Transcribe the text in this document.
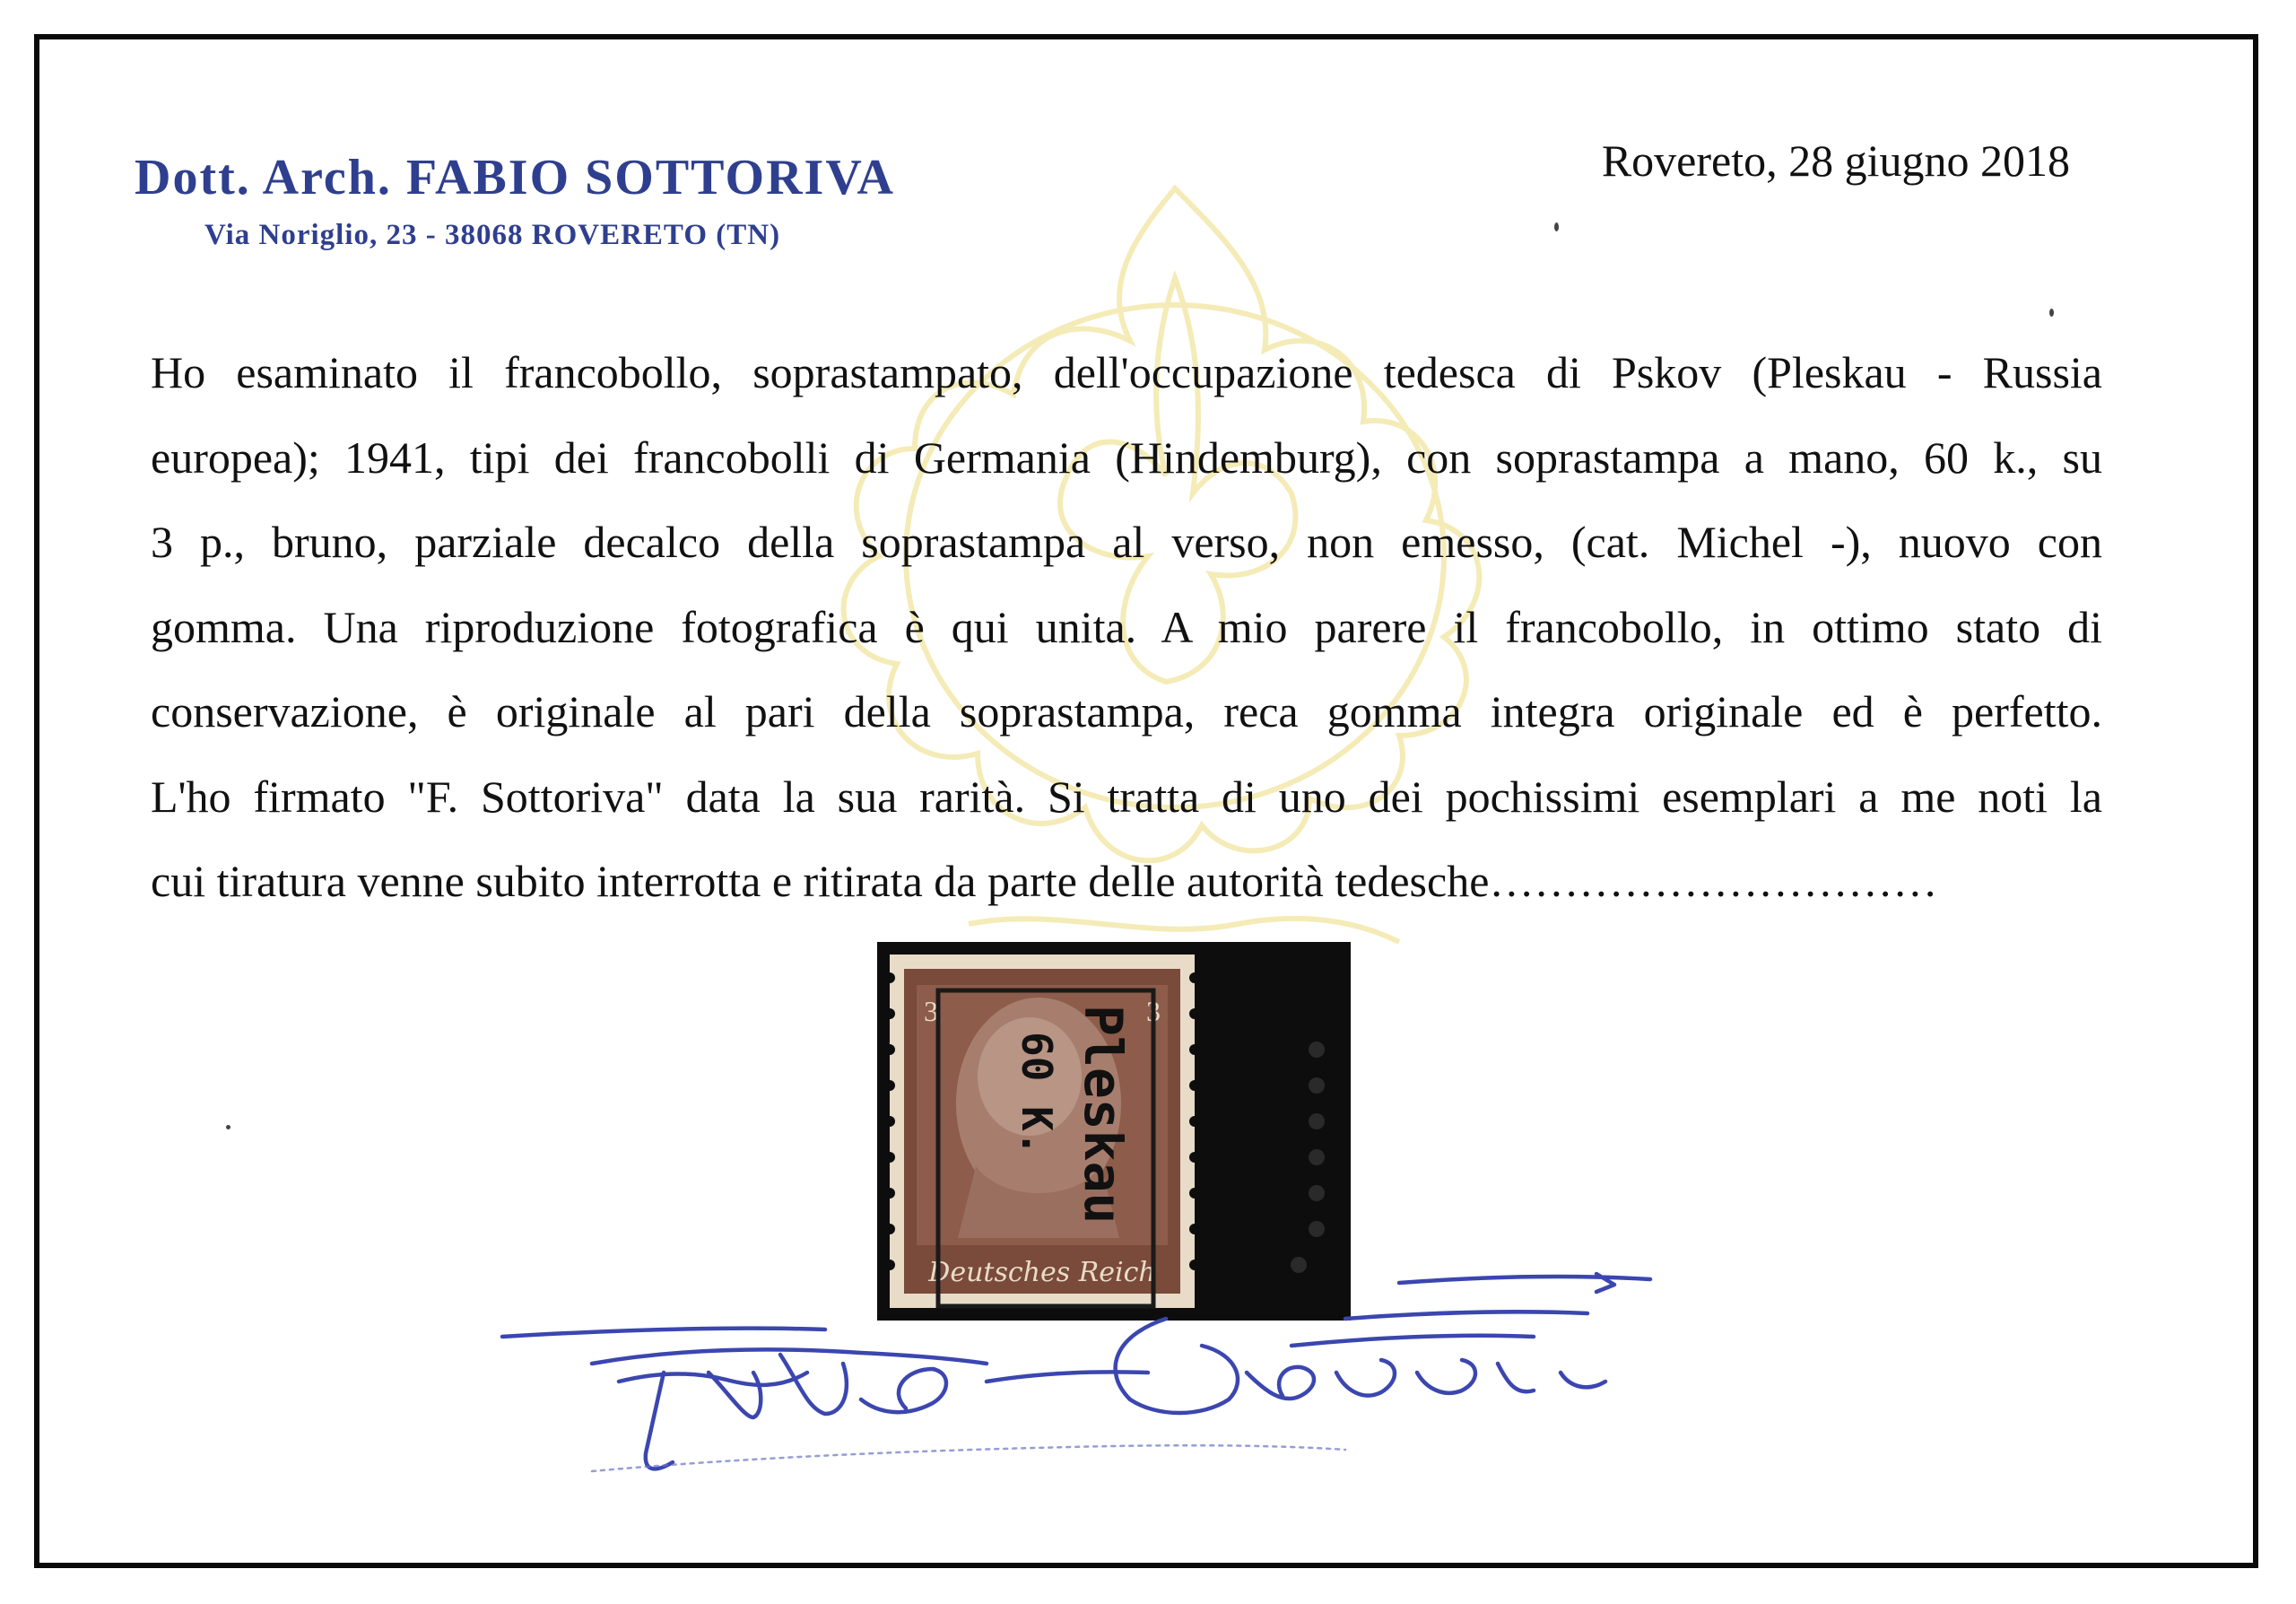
Dott. Arch. FABIO SOTTORIVA
Via Noriglio, 23 - 38068 ROVERETO (TN)
Rovereto, 28 giugno 2018
Ho esaminato il francobollo, soprastampato, dell'occupazione tedesca di Pskov (Pleskau - Russia
europea); 1941, tipi dei francobolli di Germania (Hindemburg), con soprastampa a mano, 60 k., su
3 p., bruno, parziale decalco della soprastampa al verso, non emesso, (cat. Michel -), nuovo con
gomma. Una riproduzione fotografica è qui unita. A mio parere il francobollo, in ottimo stato di
conservazione, è originale al pari della soprastampa, reca gomma integra originale ed è perfetto.
L'ho firmato "F. Sottoriva" data la sua rarità. Si tratta di uno dei pochissimi esemplari a me noti la
cui tiratura venne subito interrotta e ritirata da parte delle autorità tedesche…………………………
3	3
Deutsches Reich
Pleskau
60 K.
